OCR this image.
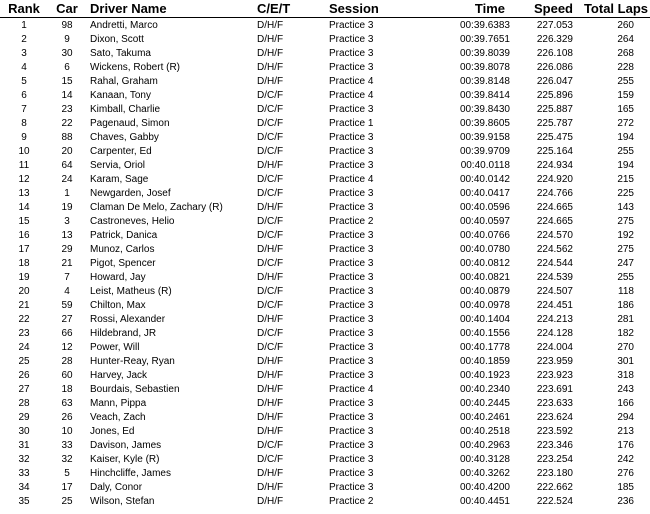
Rank	Car	Driver Name	C/E/T	Session	Time	Speed	Total Laps
1	98	Andretti, Marco	D/H/F	Practice 3	00:39.6383	227.053	260
2	9	Dixon, Scott	D/H/F	Practice 3	00:39.7651	226.329	264
3	30	Sato, Takuma	D/H/F	Practice 3	00:39.8039	226.108	268
4	6	Wickens, Robert (R)	D/H/F	Practice 3	00:39.8078	226.086	228
5	15	Rahal, Graham	D/H/F	Practice 4	00:39.8148	226.047	255
6	14	Kanaan, Tony	D/C/F	Practice 4	00:39.8414	225.896	159
7	23	Kimball, Charlie	D/C/F	Practice 3	00:39.8430	225.887	165
8	22	Pagenaud, Simon	D/C/F	Practice 1	00:39.8605	225.787	272
9	88	Chaves, Gabby	D/C/F	Practice 3	00:39.9158	225.475	194
10	20	Carpenter, Ed	D/C/F	Practice 3	00:39.9709	225.164	255
11	64	Servia, Oriol	D/H/F	Practice 3	00:40.0118	224.934	194
12	24	Karam, Sage	D/C/F	Practice 4	00:40.0142	224.920	215
13	1	Newgarden, Josef	D/C/F	Practice 3	00:40.0417	224.766	225
14	19	Claman De Melo, Zachary (R)	D/H/F	Practice 3	00:40.0596	224.665	143
15	3	Castroneves, Helio	D/C/F	Practice 2	00:40.0597	224.665	275
16	13	Patrick, Danica	D/C/F	Practice 3	00:40.0766	224.570	192
17	29	Munoz, Carlos	D/H/F	Practice 3	00:40.0780	224.562	275
18	21	Pigot, Spencer	D/C/F	Practice 3	00:40.0812	224.544	247
19	7	Howard, Jay	D/H/F	Practice 3	00:40.0821	224.539	255
20	4	Leist, Matheus (R)	D/C/F	Practice 3	00:40.0879	224.507	118
21	59	Chilton, Max	D/C/F	Practice 3	00:40.0978	224.451	186
22	27	Rossi, Alexander	D/H/F	Practice 3	00:40.1404	224.213	281
23	66	Hildebrand, JR	D/C/F	Practice 3	00:40.1556	224.128	182
24	12	Power, Will	D/C/F	Practice 3	00:40.1778	224.004	270
25	28	Hunter-Reay, Ryan	D/H/F	Practice 3	00:40.1859	223.959	301
26	60	Harvey, Jack	D/H/F	Practice 3	00:40.1923	223.923	318
27	18	Bourdais, Sebastien	D/H/F	Practice 4	00:40.2340	223.691	243
28	63	Mann, Pippa	D/H/F	Practice 3	00:40.2445	223.633	166
29	26	Veach, Zach	D/H/F	Practice 3	00:40.2461	223.624	294
30	10	Jones, Ed	D/H/F	Practice 3	00:40.2518	223.592	213
31	33	Davison, James	D/C/F	Practice 3	00:40.2963	223.346	176
32	32	Kaiser, Kyle (R)	D/C/F	Practice 3	00:40.3128	223.254	242
33	5	Hinchcliffe, James	D/H/F	Practice 3	00:40.3262	223.180	276
34	17	Daly, Conor	D/H/F	Practice 3	00:40.4200	222.662	185
35	25	Wilson, Stefan	D/H/F	Practice 2	00:40.4451	222.524	236
